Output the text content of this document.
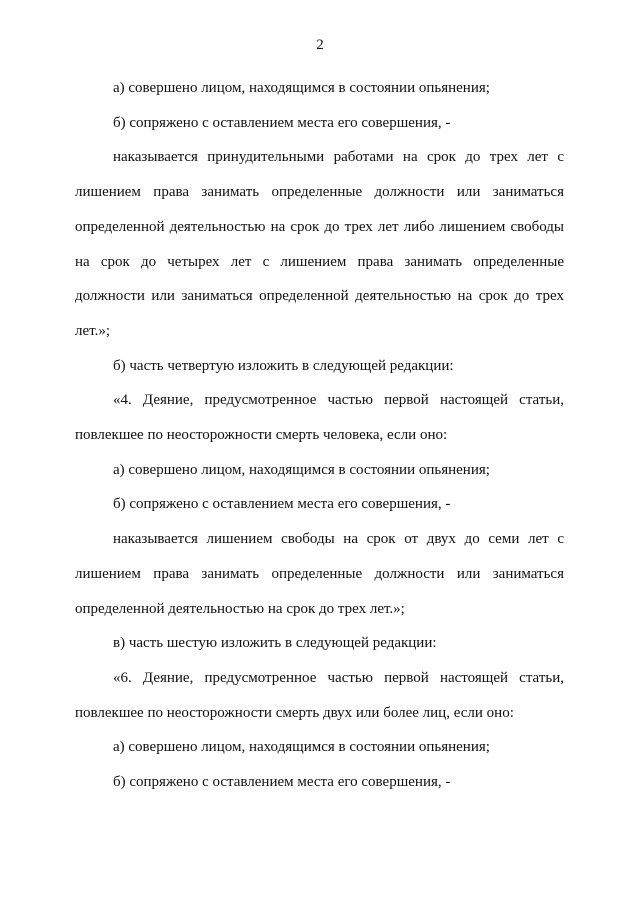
2

а) совершено лицом, находящимся в состоянии опьянения;

б) сопряжено с оставлением места его совершения, -

наказывается принудительными работами на срок до трех лет с лишением права занимать определенные должности или заниматься определенной деятельностью на срок до трех лет либо лишением свободы на срок до четырех лет с лишением права занимать определенные должности или заниматься определенной деятельностью на срок до трех лет.»;

б) часть четвертую изложить в следующей редакции:

«4. Деяние, предусмотренное частью первой настоящей статьи, повлекшее по неосторожности смерть человека, если оно:

а) совершено лицом, находящимся в состоянии опьянения;

б) сопряжено с оставлением места его совершения, -

наказывается лишением свободы на срок от двух до семи лет с лишением права занимать определенные должности или заниматься определенной деятельностью на срок до трех лет.»;

в) часть шестую изложить в следующей редакции:

«6. Деяние, предусмотренное частью первой настоящей статьи, повлекшее по неосторожности смерть двух или более лиц, если оно:

а) совершено лицом, находящимся в состоянии опьянения;

б) сопряжено с оставлением места его совершения, -
